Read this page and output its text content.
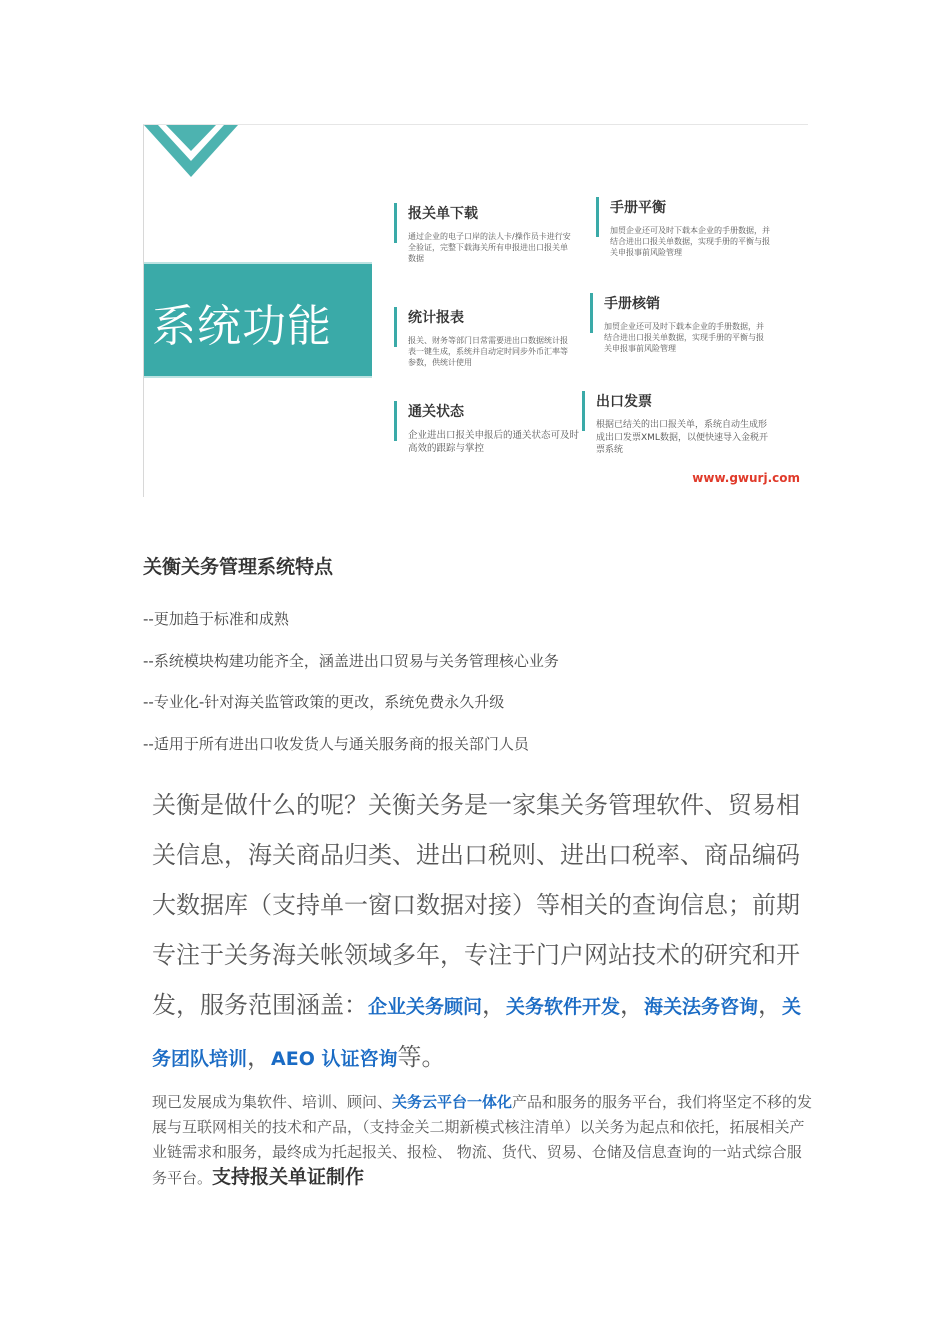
系统功能
报关单下载
通过企业的电子口岸的法人卡/操作员卡进行安全验证，完整下载海关所有申报进出口报关单数据
手册平衡
加贸企业还可及时下载本企业的手册数据，并结合进出口报关单数据，实现手册的平衡与报关申报事前风险管理
统计报表
报关、财务等部门日常需要进出口数据统计报表一键生成，系统并自动定时同步外币汇率等参数，供统计使用
手册核销
加贸企业还可及时下载本企业的手册数据，并结合进出口报关单数据，实现手册的平衡与报关申报事前风险管理
通关状态
企业进出口报关申报后的通关状态可及时高效的跟踪与掌控
出口发票
根据已结关的出口报关单，系统自动生成形成出口发票XML数据，以便快速导入金税开票系统
www.gwurj.com
关衡关务管理系统特点
--更加趋于标准和成熟
--系统模块构建功能齐全，涵盖进出口贸易与关务管理核心业务
--专业化-针对海关监管政策的更改，系统免费永久升级
--适用于所有进出口收发货人与通关服务商的报关部门人员
关衡是做什么的呢？关衡关务是一家集关务管理软件、贸易相关信息，海关商品归类、进出口税则、进出口税率、商品编码大数据库（支持单一窗口数据对接）等相关的查询信息；前期专注于关务海关帐领域多年，专注于门户网站技术的研究和开发，服务范围涵盖：企业关务顾问，关务软件开发，海关法务咨询，关务团队培训，AEO 认证咨询等。
现已发展成为集软件、培训、顾问、关务云平台一体化产品和服务的服务平台，我们将坚定不移的发展与互联网相关的技术和产品，（支持金关二期新模式核注清单）以关务为起点和依托，拓展相关产业链需求和服务，最终成为托起报关、报检、 物流、货代、贸易、仓储及信息查询的一站式综合服务平台。支持报关单证制作
